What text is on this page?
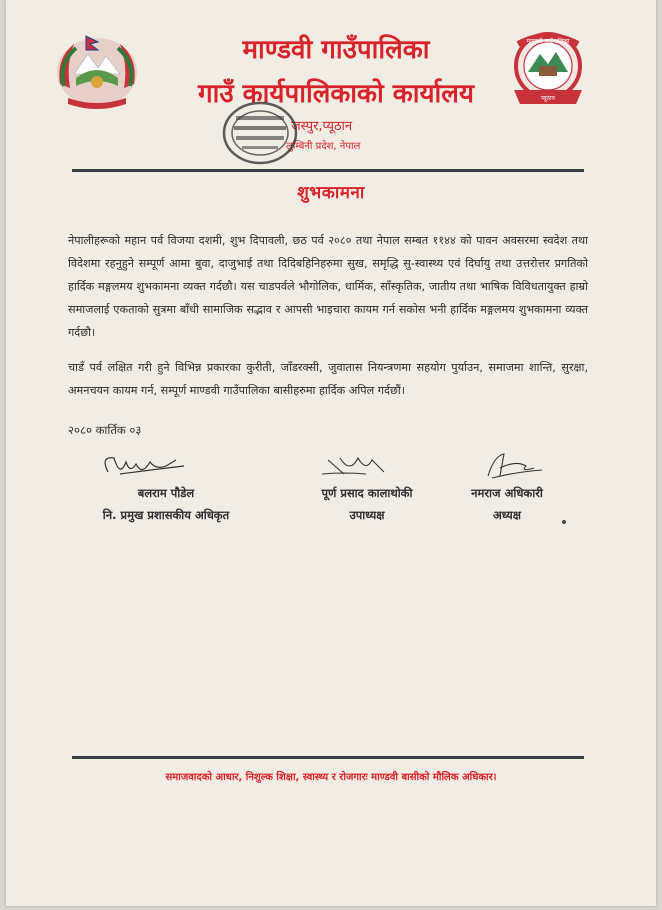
माण्डवी गाउँपालिका
गाउँ कार्यपालिकाको कार्यालय
जस्पुर,प्यूठान
लुम्बिनी प्रदेश, नेपाल
माण्डवी गाउँपालिका
प्यूठान
शुभकामना
नेपालीहरूको महान पर्व विजया दशमी, शुभ दिपावली, छठ पर्व २०८० तथा नेपाल सम्बत ११४४ को पावन अवसरमा स्वदेश तथा विदेशमा रहनुहुने सम्पूर्ण आमा बुवा, दाजुभाई तथा दिदिबहिनिहरुमा सुख, समृद्धि सु-स्वास्थ्य एवं दिर्घायु तथा उत्तरोत्तर प्रगतिको हार्दिक मङ्गलमय शुभकामना व्यक्त गर्दछौ। यस चाडपर्वले भौगोलिक, धार्मिक, साँस्कृतिक, जातीय तथा भाषिक विविधतायुक्त हाम्रो समाजलाई एकताको सुत्रमा बाँधी सामाजिक सद्भाव र आपसी भाइचारा कायम गर्न सकोस भनी हार्दिक मङ्गलमय शुभकामना व्यक्त गर्दछौ।
चाडँ पर्व लक्षित गरी हुने विभिन्न प्रकारका कुरीती, जाँडरक्सी, जुवातास नियन्त्रणमा सहयोग पुर्याउन, समाजमा शान्ति, सुरक्षा, अमनचयन कायम गर्न, सम्पूर्ण माण्डवी गाउँपालिका बासीहरुमा हार्दिक अपिल गर्दछौं।
२०८० कार्तिक ०३
बलराम पौडेल
नि. प्रमुख प्रशासकीय अधिकृत
पूर्ण प्रसाद कालाथोकी
उपाध्यक्ष
नमराज अधिकारी
अध्यक्ष
समाजवादको आधार, निशुल्क शिक्षा, स्वास्थ्य र रोजगारः माण्डवी बासीको मौलिक अधिकार।
